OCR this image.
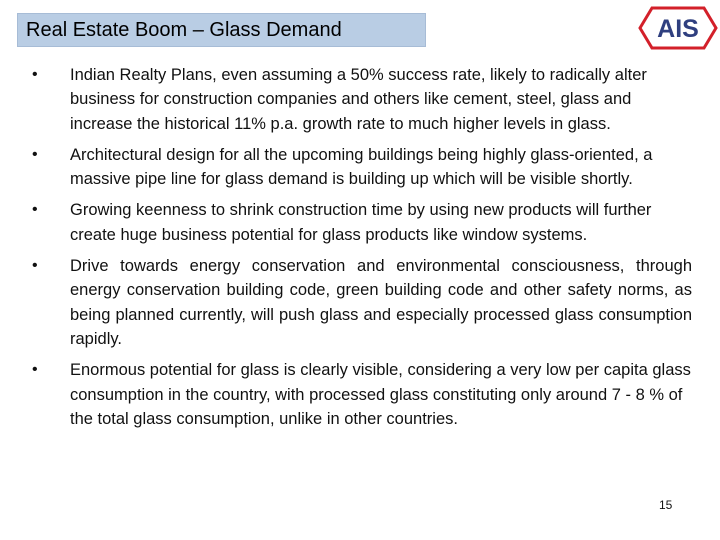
Real Estate Boom – Glass Demand	AIS
• Indian Realty Plans, even assuming a 50% success rate, likely to radically alter business for construction companies and others like cement, steel, glass and increase the historical 11% p.a. growth rate to much higher levels in glass.
• Architectural design for all the upcoming buildings being highly glass-oriented, a massive pipe line for glass demand is building up which will be visible shortly.
• Growing keenness to shrink construction time by using new products will further create huge business potential for glass products like window systems.
• Drive towards energy conservation and environmental consciousness, through energy conservation building code, green building code and other safety norms, as being planned currently, will push glass and especially processed glass consumption rapidly.
• Enormous potential for glass is clearly visible, considering a very low per capita glass consumption in the country, with processed glass constituting only around 7 - 8 % of the total glass consumption, unlike in other countries.
15
